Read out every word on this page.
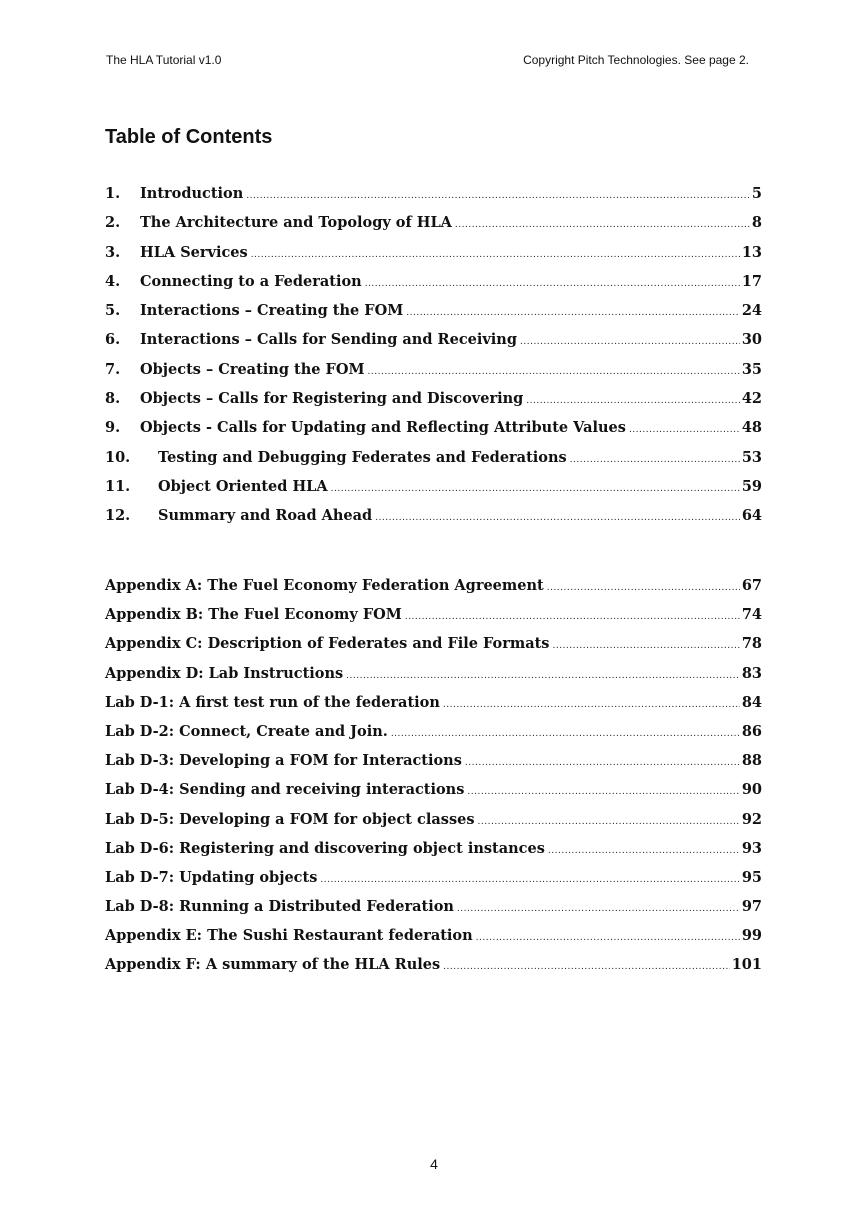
The HLA Tutorial v1.0	Copyright Pitch Technologies. See page 2.
Table of Contents
1.	Introduction .....	5
2.	The Architecture and Topology of HLA .....	8
3.	HLA Services .....	13
4.	Connecting to a Federation .....	17
5.	Interactions – Creating the FOM .....	24
6.	Interactions – Calls for Sending and Receiving .....	30
7.	Objects – Creating the FOM .....	35
8.	Objects – Calls for Registering and Discovering .....	42
9.	Objects - Calls for Updating and Reflecting Attribute Values .....	48
10.	Testing and Debugging Federates and Federations .....	53
11.	Object Oriented HLA .....	59
12.	Summary and Road Ahead .....	64
Appendix A: The Fuel Economy Federation Agreement .....	67
Appendix B: The Fuel Economy FOM .....	74
Appendix C: Description of Federates and File Formats .....	78
Appendix D: Lab Instructions .....	83
Lab D-1: A first test run of the federation .....	84
Lab D-2: Connect, Create and Join. .....	86
Lab D-3: Developing a FOM for Interactions .....	88
Lab D-4: Sending and receiving interactions .....	90
Lab D-5: Developing a FOM for object classes .....	92
Lab D-6: Registering and discovering object instances .....	93
Lab D-7: Updating objects .....	95
Lab D-8: Running a Distributed Federation .....	97
Appendix E: The Sushi Restaurant federation .....	99
Appendix F: A summary of the HLA Rules .....	101
4
